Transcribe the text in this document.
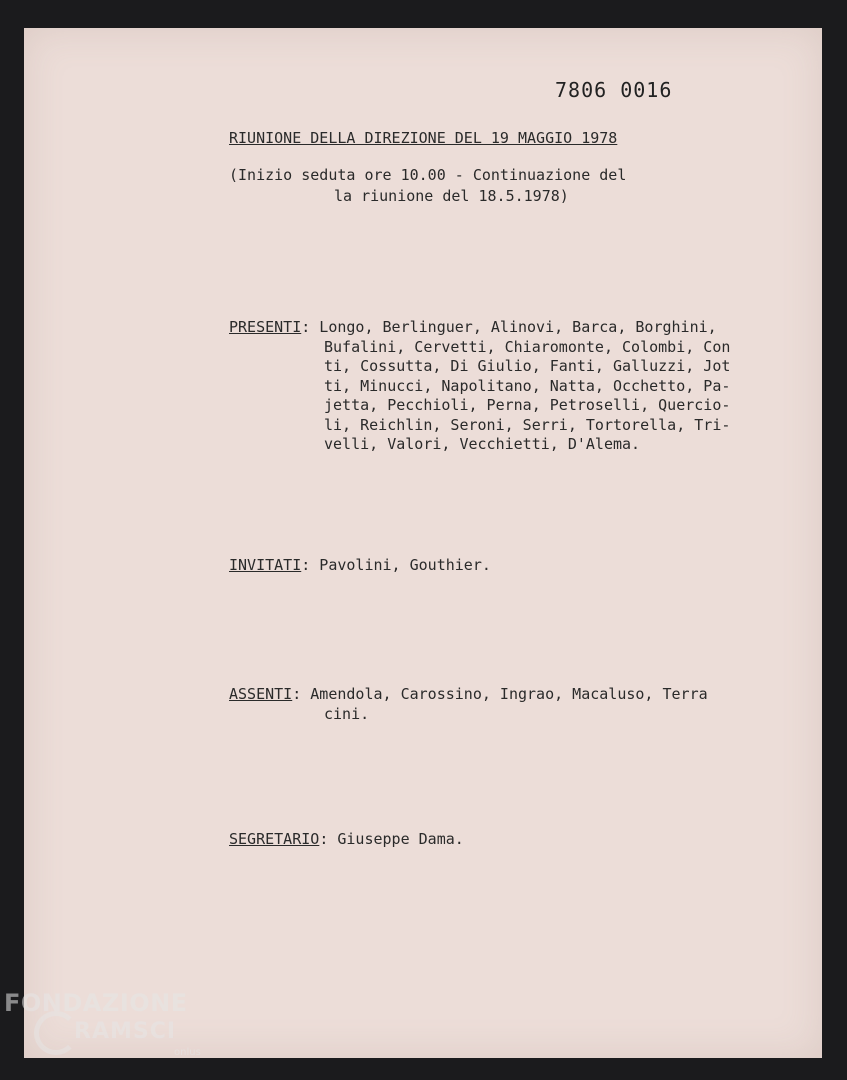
7806 0016
RIUNIONE DELLA DIREZIONE DEL 19 MAGGIO 1978
(Inizio seduta ore 10.00 - Continuazione del
la riunione del 18.5.1978)
PRESENTI: Longo, Berlinguer, Alinovi, Barca, Borghini,
Bufalini, Cervetti, Chiaromonte, Colombi, Con
ti, Cossutta, Di Giulio, Fanti, Galluzzi, Jot
ti, Minucci, Napolitano, Natta, Occhetto, Pa-
jetta, Pecchioli, Perna, Petroselli, Quercio-
li, Reichlin, Seroni, Serri, Tortorella, Tri-
velli, Valori, Vecchietti, D'Alema.
INVITATI: Pavolini, Gouthier.
ASSENTI: Amendola, Carossino, Ingrao, Macaluso, Terra
cini.
SEGRETARIO: Giuseppe Dama.
FONDAZIONE
RAMSCI
onlus
